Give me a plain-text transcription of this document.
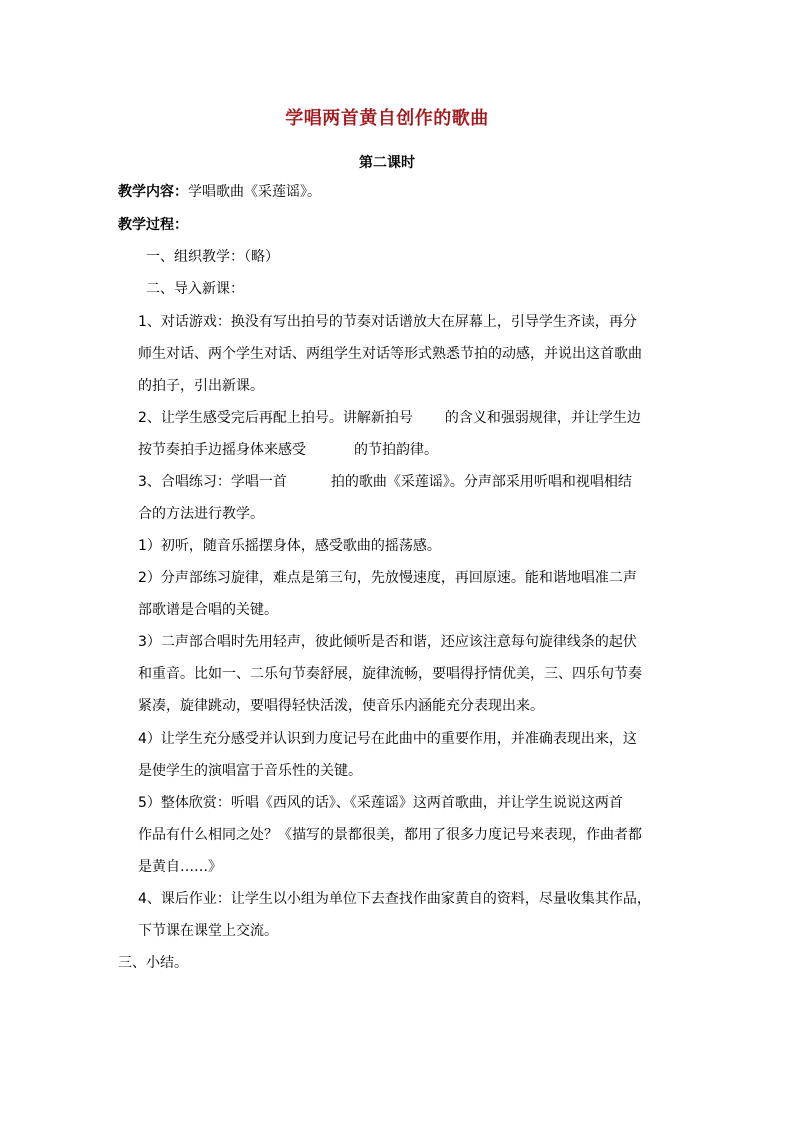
学唱两首黄自创作的歌曲
第二课时
教学内容：学唱歌曲《采莲谣》。
教学过程：
一、组织教学：（略）
二、导入新课：
1、对话游戏：换没有写出拍号的节奏对话谱放大在屏幕上，引导学生齐读，再分
师生对话、两个学生对话、两组学生对话等形式熟悉节拍的动感，并说出这首歌曲
的拍子，引出新课。
2、让学生感受完后再配上拍号。讲解新拍号 的含义和强弱规律，并让学生边
按节奏拍手边摇身体来感受	的节拍韵律。
3、合唱练习：学唱一首	拍的歌曲《采莲谣》。分声部采用听唱和视唱相结
合的方法进行教学。
1）初听，随音乐摇摆身体，感受歌曲的摇荡感。
2）分声部练习旋律，难点是第三句，先放慢速度，再回原速。能和谐地唱准二声
部歌谱是合唱的关键。
3）二声部合唱时先用轻声，彼此倾听是否和谐，还应该注意每句旋律线条的起伏
和重音。比如一、二乐句节奏舒展，旋律流畅，要唱得抒情优美，三、四乐句节奏
紧凑，旋律跳动，要唱得轻快活泼，使音乐内涵能充分表现出来。
4）让学生充分感受并认识到力度记号在此曲中的重要作用，并准确表现出来，这
是使学生的演唱富于音乐性的关键。
5）整体欣赏：听唱《西风的话》、《采莲谣》这两首歌曲，并让学生说说这两首
作品有什么相同之处？《描写的景都很美，都用了很多力度记号来表现，作曲者都
是黄自……》
4、课后作业：让学生以小组为单位下去查找作曲家黄自的资料，尽量收集其作品，
下节课在课堂上交流。
三、小结。
